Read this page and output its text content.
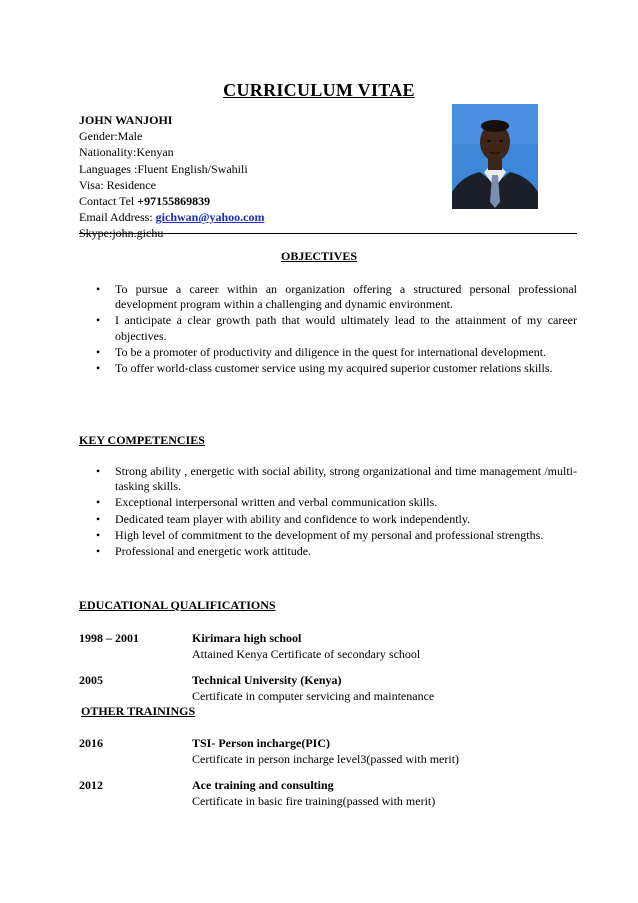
CURRICULUM VITAE
JOHN WANJOHI
Gender:Male
Nationality:Kenyan
Languages :Fluent English/Swahili
Visa: Residence
Contact Tel +97155869839
Email Address: gichwan@yahoo.com
Skype:john.gichu
OBJECTIVES
• To pursue a career within an organization offering a structured personal professional development program within a challenging and dynamic environment.
• I anticipate a clear growth path that would ultimately lead to the attainment of my career objectives.
• To be a promoter of productivity and diligence in the quest for international development.
• To offer world-class customer service using my acquired superior customer relations skills.
KEY COMPETENCIES
• Strong ability , energetic with social ability, strong organizational and time management /multi-tasking skills.
• Exceptional interpersonal written and verbal communication skills.
• Dedicated team player with ability and confidence to work independently.
• High level of commitment to the development of my personal and professional strengths.
• Professional and energetic work attitude.
EDUCATIONAL QUALIFICATIONS
1998 – 2001	Kirimara high school
Attained Kenya Certificate of secondary school
2005	Technical University (Kenya)
Certificate in computer servicing and maintenance
OTHER TRAININGS
2016	TSI- Person incharge(PIC)
Certificate in person incharge level3(passed with merit)
2012	Ace training and consulting
Certificate in basic fire training(passed with merit)
